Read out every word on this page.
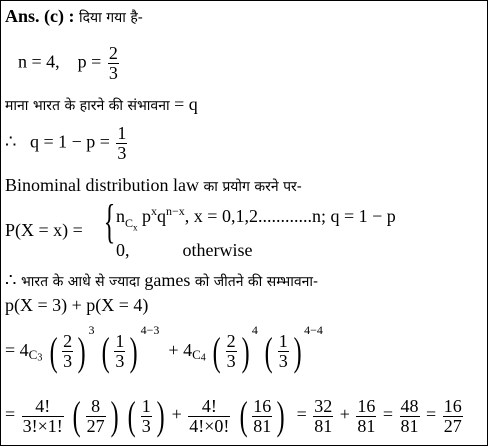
Ans. (c) : दिया गया है-
n = 4, $p = \frac{2}{3}$
माना भारत के हारने की संभावना = q
∴ $q = 1 - p = \frac{1}{3}$
Binominal distribution law का प्रयोग करने पर-
P(X = x) = { $n_{C_x}$ $p^xq^{n-x}$, x = 0,1,2............n; q = 1 − p
0,	otherwise
∴ भारत के आधे से ज्यादा games को जीतने की सम्भावना-
p(X = 3) + p(X = 4)
= $4C_3$ ( $\frac{2}{3}$ ) $^3$ ( $\frac{1}{3}$ ) $^{4-3} + 4C_4$ ( $\frac{2}{3}$ ) $^4$ ( $\frac{1}{3}$ ) $^{4-4}$
= $\frac{4!}{3!\times 1!}$
( $\frac{8}{27}$ )
( $\frac{1}{3}$ ) + $\frac{4!}{4!\times 0!}$
( $\frac{16}{81}$ ) = $\frac{32}{81} + \frac{16}{81} = \frac{48}{81} = \frac{16}{27}$
